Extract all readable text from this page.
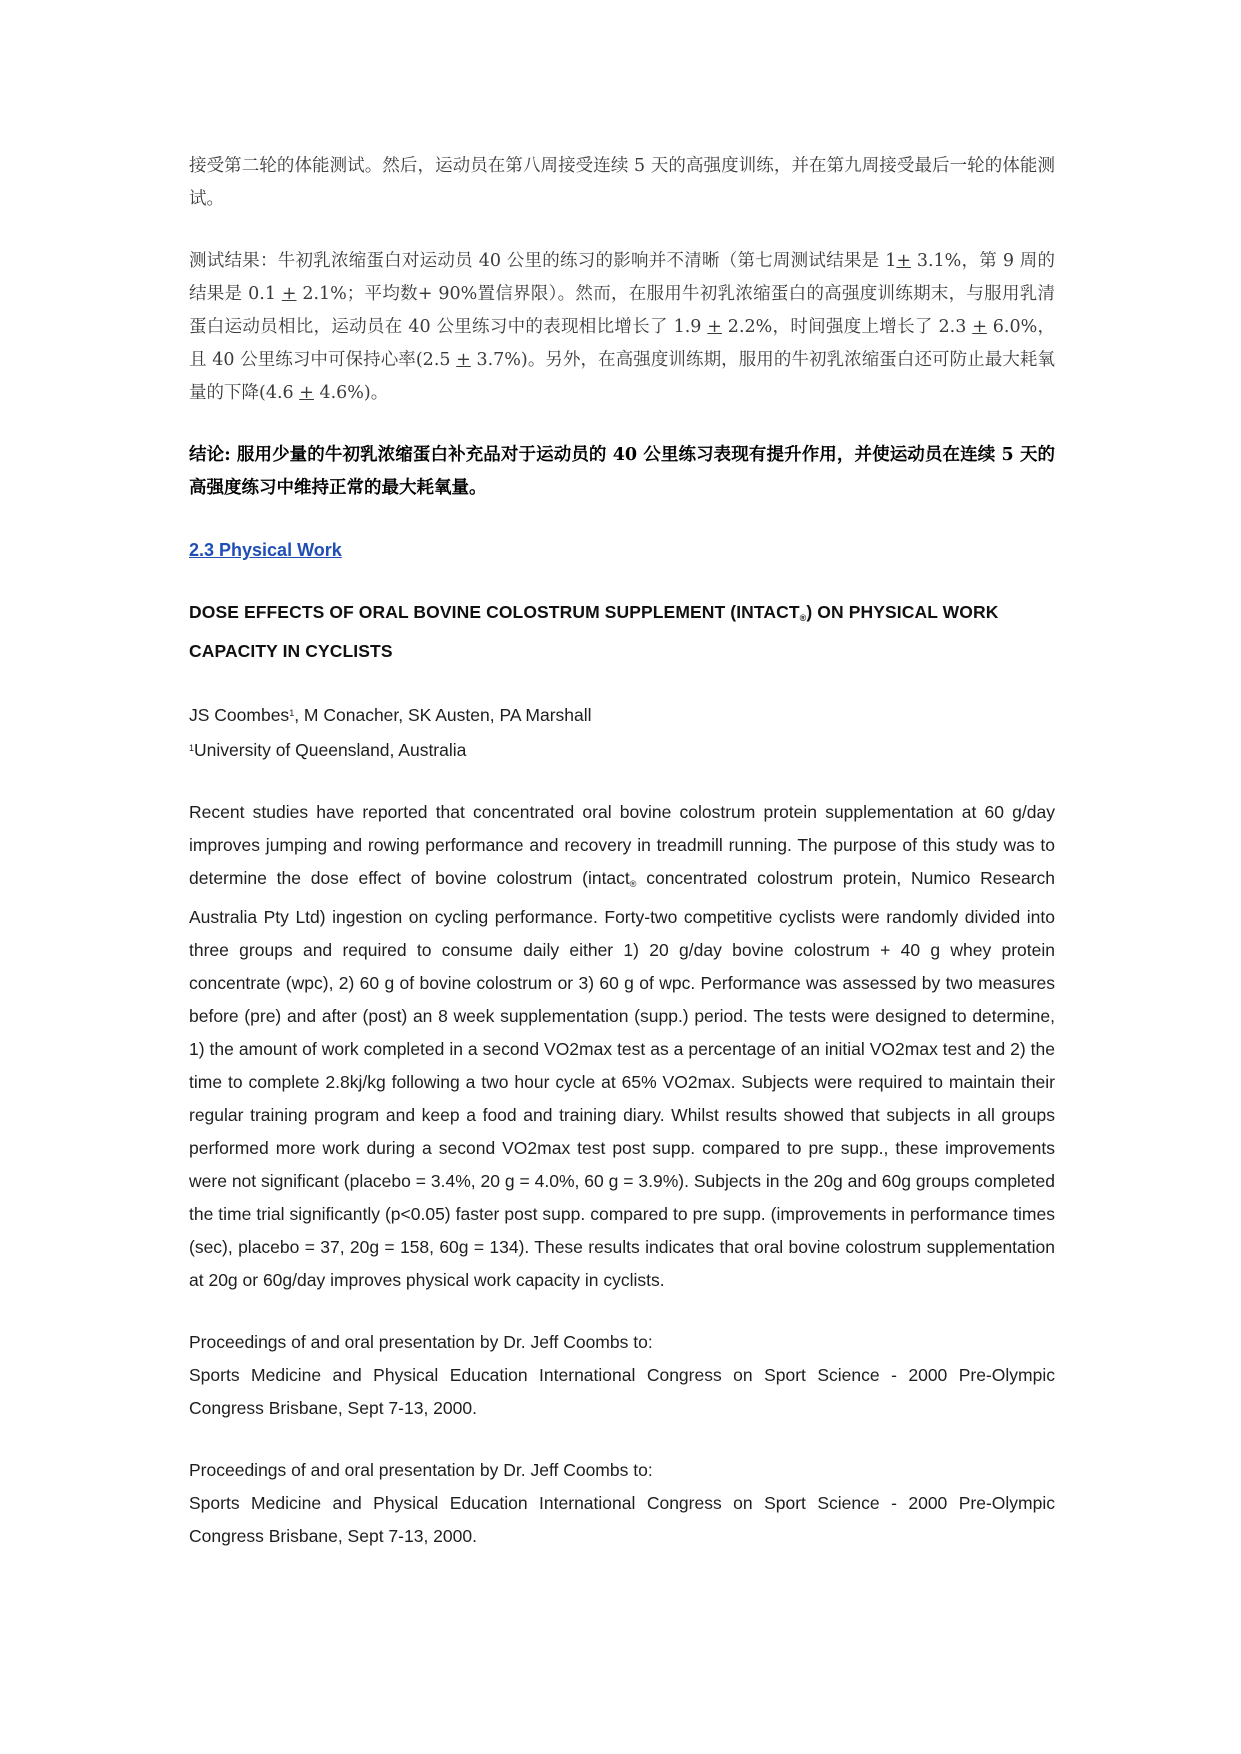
接受第二轮的体能测试。然后，运动员在第八周接受连续 5 天的高强度训练，并在第九周接受最后一轮的体能测试。

测试结果：牛初乳浓缩蛋白对运动员 40 公里的练习的影响并不清晰（第七周测试结果是 1+ 3.1%，第 9 周的结果是 0.1 + 2.1%；平均数+ 90%置信界限）。然而，在服用牛初乳浓缩蛋白的高强度训练期末，与服用乳清蛋白运动员相比，运动员在 40 公里练习中的表现相比增长了 1.9 + 2.2%，时间强度上增长了 2.3 + 6.0%，且 40 公里练习中可保持心率(2.5 + 3.7%)。另外，在高强度训练期，服用的牛初乳浓缩蛋白还可防止最大耗氧量的下降(4.6 + 4.6%)。

结论: 服用少量的牛初乳浓缩蛋白补充品对于运动员的 40 公里练习表现有提升作用，并使运动员在连续 5 天的高强度练习中维持正常的最大耗氧量。

2.3 Physical Work

DOSE EFFECTS OF ORAL BOVINE COLOSTRUM SUPPLEMENT $(INTACT_®)$ ON PHYSICAL WORK CAPACITY IN CYCLISTS

JS Coombes$^1$, M Conacher, SK Austen, PA Marshall
$^1$University of Queensland, Australia

Recent studies have reported that concentrated oral bovine colostrum protein supplementation at 60 g/day improves jumping and rowing performance and recovery in treadmill running. The purpose of this study was to determine the dose effect of bovine colostrum (intact$_®$ concentrated colostrum protein, Numico Research Australia Pty Ltd) ingestion on cycling performance. Forty-two competitive cyclists were randomly divided into three groups and required to consume daily either 1) 20 g/day bovine colostrum + 40 g whey protein concentrate (wpc), 2) 60 g of bovine colostrum or 3) 60 g of wpc. Performance was assessed by two measures before (pre) and after (post) an 8 week supplementation (supp.) period. The tests were designed to determine, 1) the amount of work completed in a second VO2max test as a percentage of an initial VO2max test and 2) the time to complete 2.8kj/kg following a two hour cycle at 65% VO2max. Subjects were required to maintain their regular training program and keep a food and training diary. Whilst results showed that subjects in all groups performed more work during a second VO2max test post supp. compared to pre supp., these improvements were not significant (placebo = 3.4%, 20 g = 4.0%, 60 g = 3.9%). Subjects in the 20g and 60g groups completed the time trial significantly (p<0.05) faster post supp. compared to pre supp. (improvements in performance times (sec), placebo = 37, 20g = 158, 60g = 134). These results indicates that oral bovine colostrum supplementation at 20g or 60g/day improves physical work capacity in cyclists.

Proceedings of and oral presentation by Dr. Jeff Coombs to:
Sports Medicine and Physical Education International Congress on Sport Science - 2000 Pre-Olympic Congress Brisbane, Sept 7-13, 2000.

Proceedings of and oral presentation by Dr. Jeff Coombs to:
Sports Medicine and Physical Education International Congress on Sport Science - 2000 Pre-Olympic Congress Brisbane, Sept 7-13, 2000.
